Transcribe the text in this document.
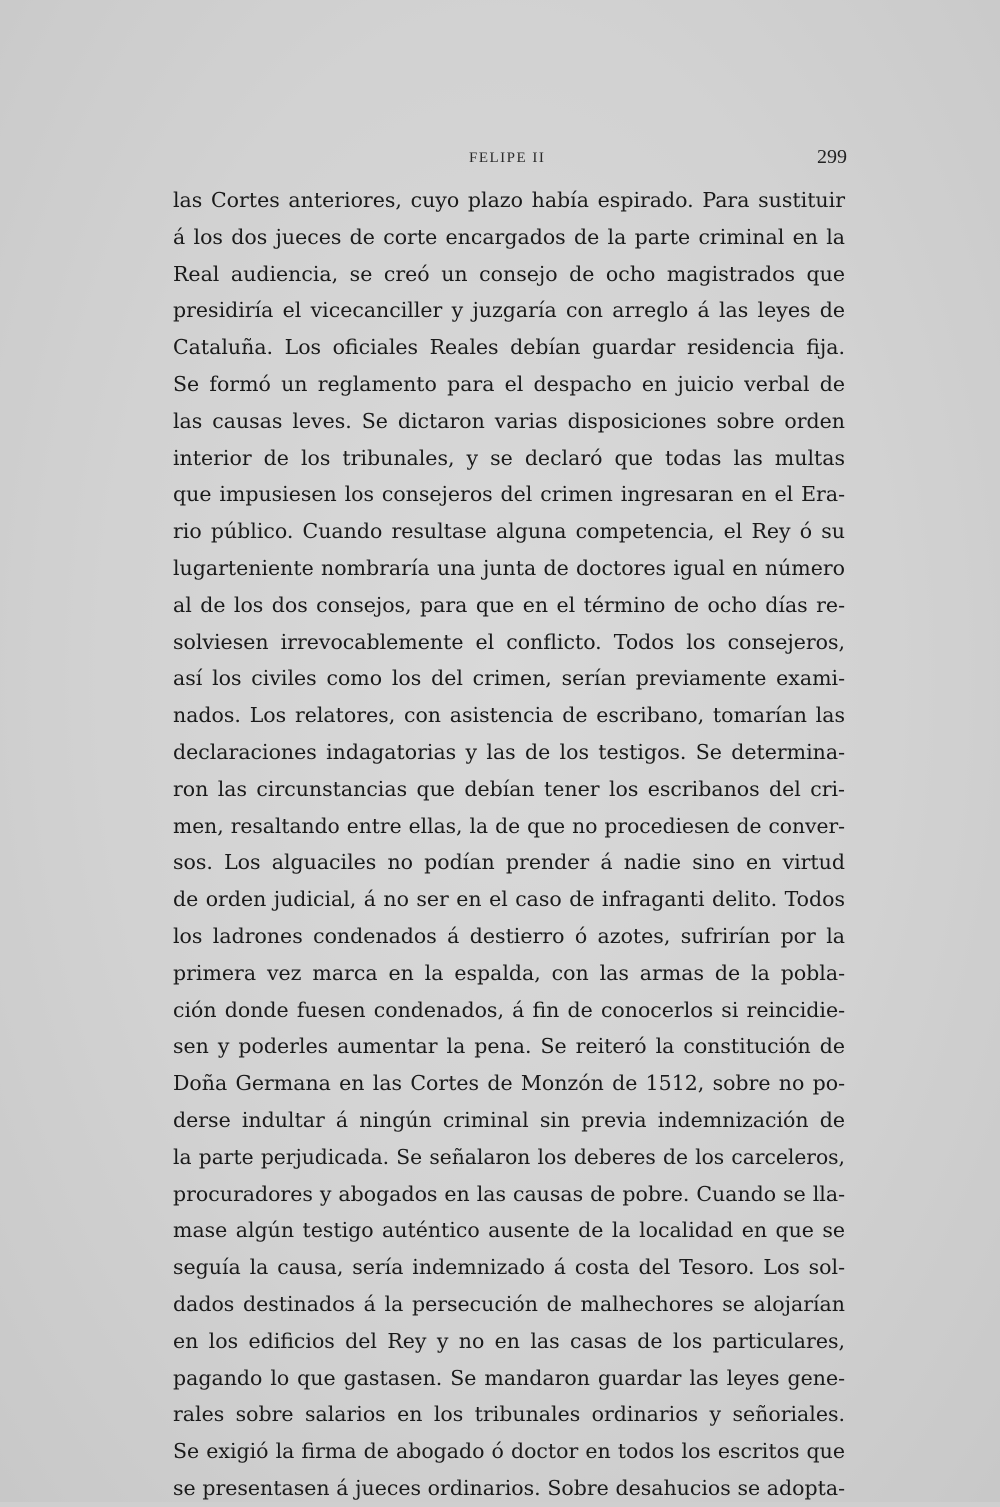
FELIPE II	299
las Cortes anteriores, cuyo plazo había espirado. Para sustituir
á los dos jueces de corte encargados de la parte criminal en la
Real audiencia, se creó un consejo de ocho magistrados que
presidiría el vicecanciller y juzgaría con arreglo á las leyes de
Cataluña. Los oficiales Reales debían guardar residencia fija.
Se formó un reglamento para el despacho en juicio verbal de
las causas leves. Se dictaron varias disposiciones sobre orden
interior de los tribunales, y se declaró que todas las multas
que impusiesen los consejeros del crimen ingresaran en el Era-
rio público. Cuando resultase alguna competencia, el Rey ó su
lugarteniente nombraría una junta de doctores igual en número
al de los dos consejos, para que en el término de ocho días re-
solviesen irrevocablemente el conflicto. Todos los consejeros,
así los civiles como los del crimen, serían previamente exami-
nados. Los relatores, con asistencia de escribano, tomarían las
declaraciones indagatorias y las de los testigos. Se determina-
ron las circunstancias que debían tener los escribanos del cri-
men, resaltando entre ellas, la de que no procediesen de conver-
sos. Los alguaciles no podían prender á nadie sino en virtud
de orden judicial, á no ser en el caso de infraganti delito. Todos
los ladrones condenados á destierro ó azotes, sufrirían por la
primera vez marca en la espalda, con las armas de la pobla-
ción donde fuesen condenados, á fin de conocerlos si reincidie-
sen y poderles aumentar la pena. Se reiteró la constitución de
Doña Germana en las Cortes de Monzón de 1512, sobre no po-
derse indultar á ningún criminal sin previa indemnización de
la parte perjudicada. Se señalaron los deberes de los carceleros,
procuradores y abogados en las causas de pobre. Cuando se lla-
mase algún testigo auténtico ausente de la localidad en que se
seguía la causa, sería indemnizado á costa del Tesoro. Los sol-
dados destinados á la persecución de malhechores se alojarían
en los edificios del Rey y no en las casas de los particulares,
pagando lo que gastasen. Se mandaron guardar las leyes gene-
rales sobre salarios en los tribunales ordinarios y señoriales.
Se exigió la firma de abogado ó doctor en todos los escritos que
se presentasen á jueces ordinarios. Sobre desahucios se adopta-
